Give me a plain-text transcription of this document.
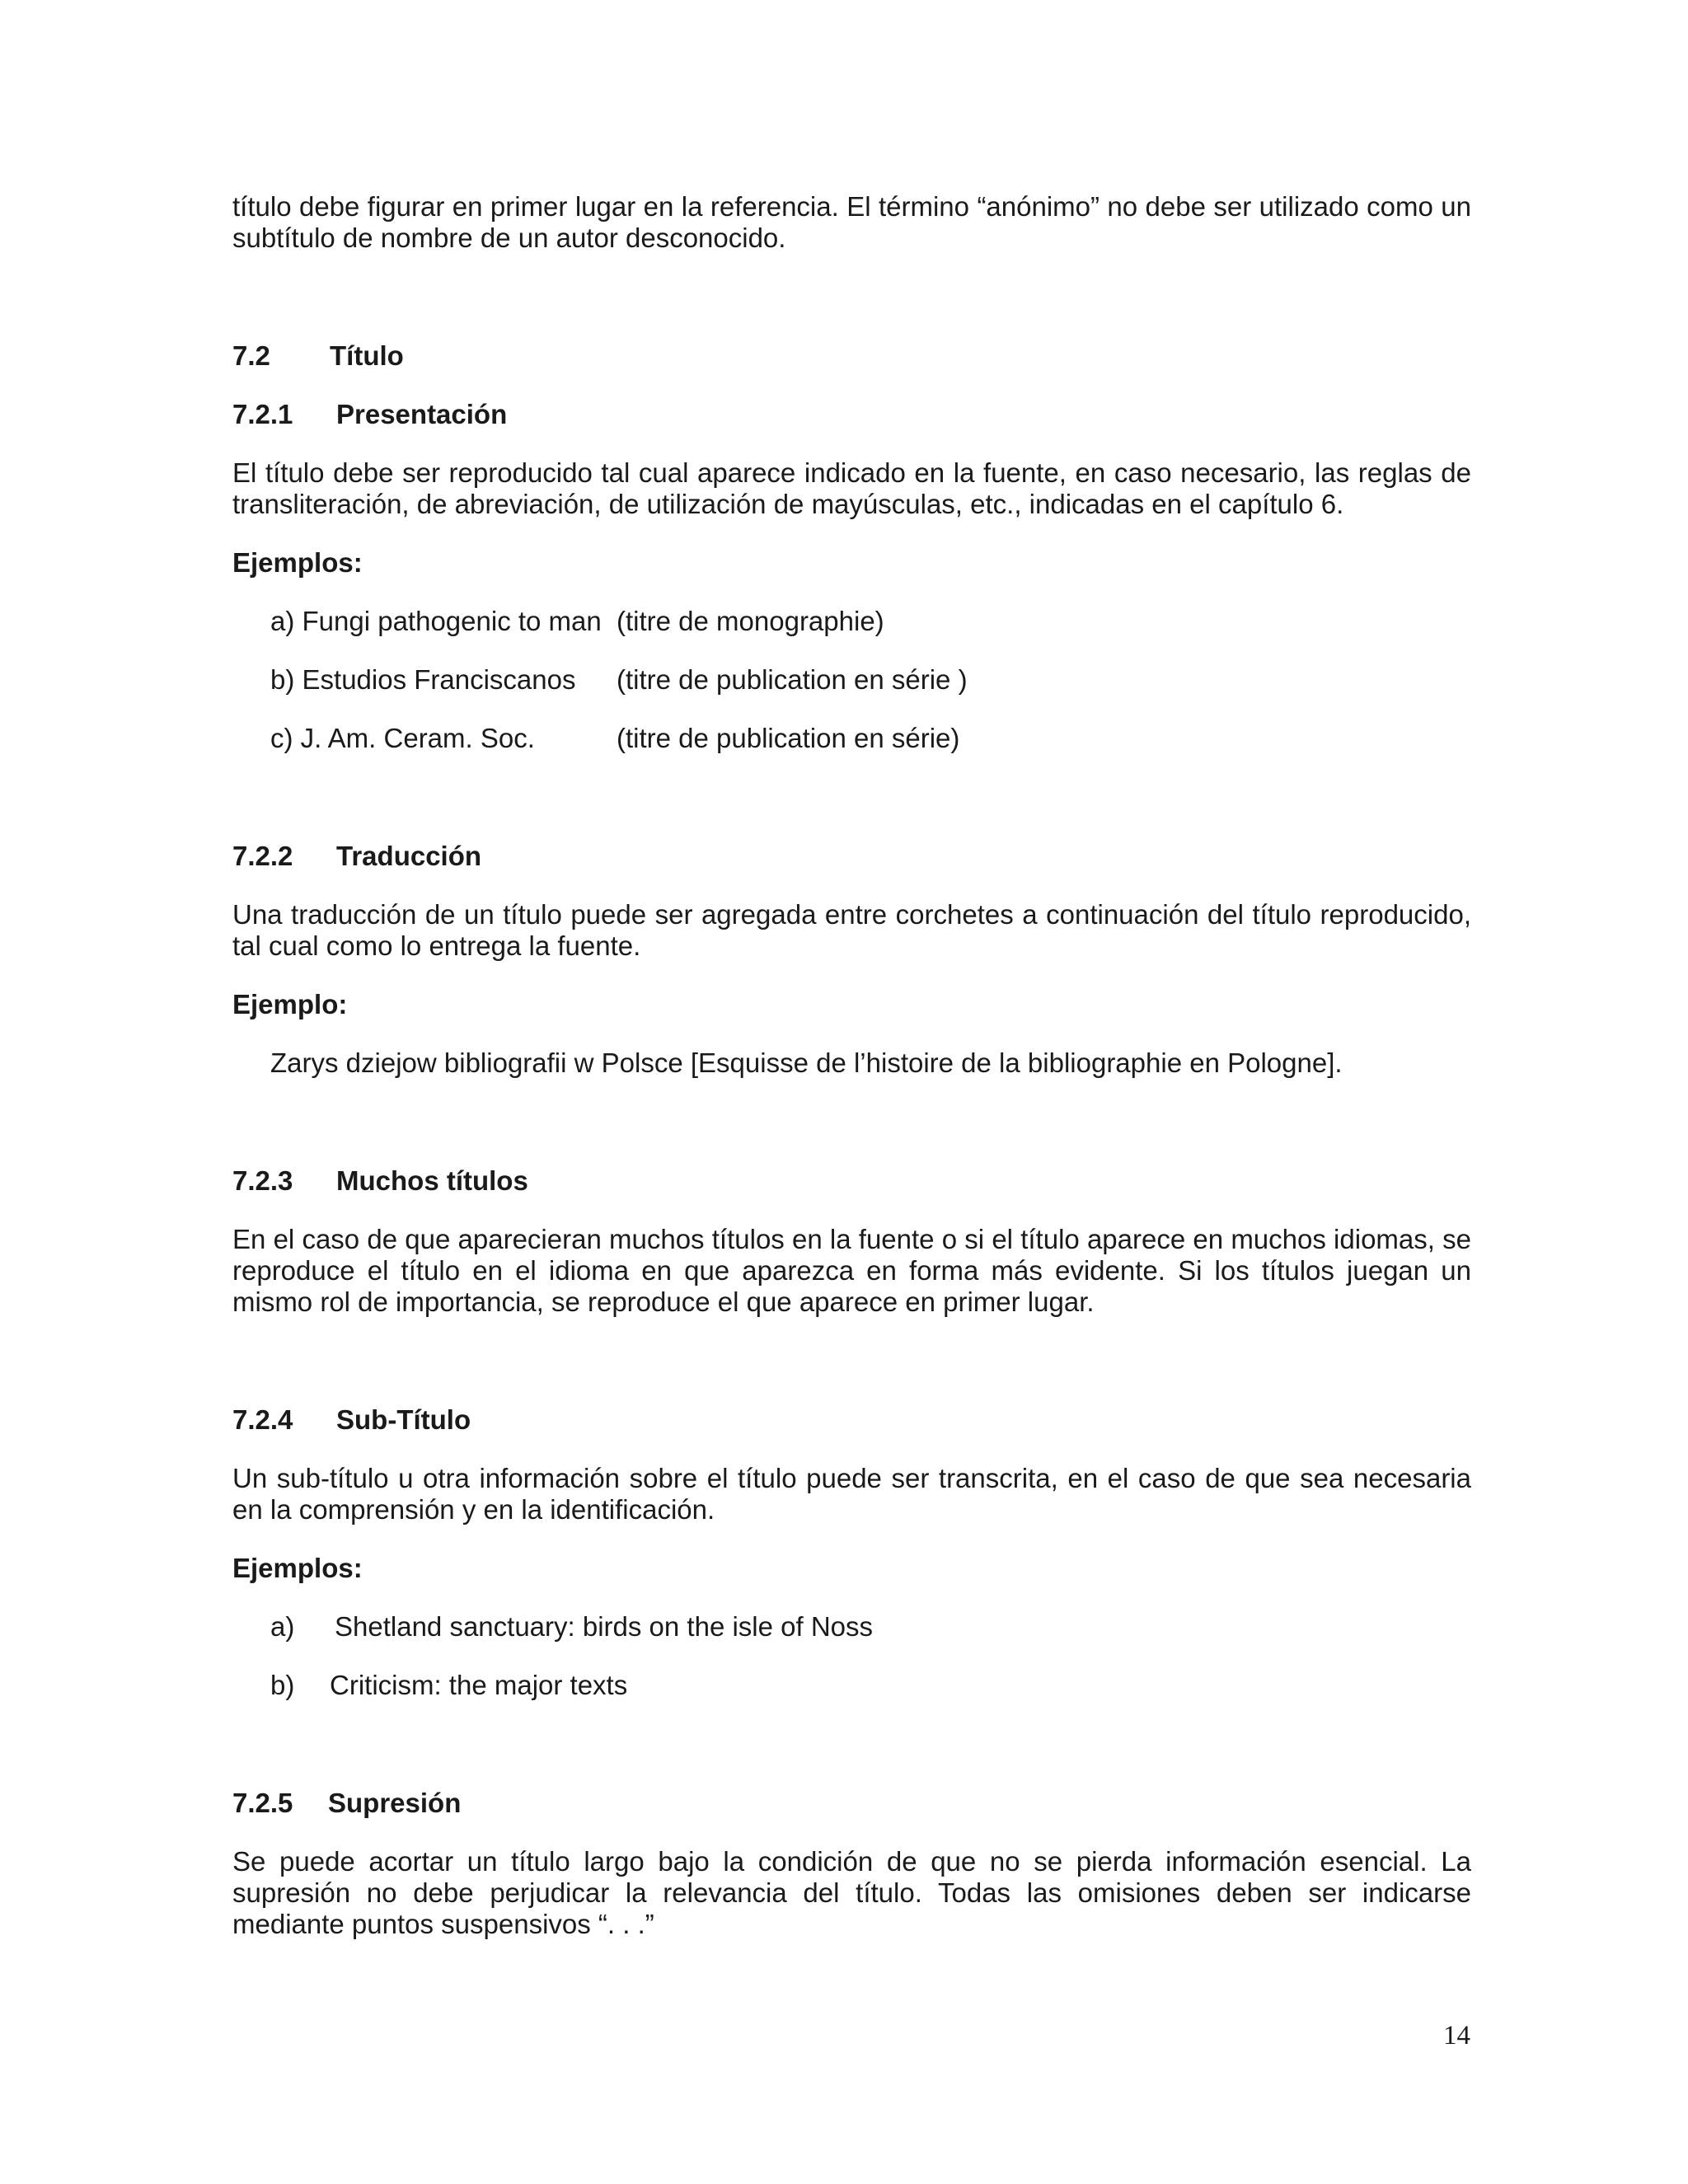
título debe figurar en primer lugar en la referencia. El término “anónimo” no debe ser utilizado como un subtítulo de nombre de un autor desconocido.

7.2	Título
7.2.1	Presentación

El título debe ser reproducido tal cual aparece indicado en la fuente, en caso necesario, las reglas de transliteración, de abreviación, de utilización de mayúsculas, etc., indicadas en el capítulo 6.

Ejemplos:

a) Fungi pathogenic to man (titre de monographie)
b) Estudios Franciscanos	(titre de publication en série )
c) J. Am. Ceram. Soc.	(titre de publication en série)
7.2.2	Traducción

Una traducción de un título puede ser agregada entre corchetes a continuación del título reproducido, tal cual como lo entrega la fuente.

Ejemplo:

Zarys dziejow bibliografii w Polsce [Esquisse de l’histoire de la bibliographie en Pologne].

7.2.3	Muchos títulos

En el caso de que aparecieran muchos títulos en la fuente o si el título aparece en muchos idiomas, se reproduce el título en el idioma en que aparezca en forma más evidente. Si los títulos juegan un mismo rol de importancia, se reproduce el que aparece en primer lugar.

7.2.4	Sub-Título

Un sub-título u otra información sobre el título puede ser transcrita, en el caso de que sea necesaria en la comprensión y en la identificación.

Ejemplos:

a)	Shetland sanctuary: birds on the isle of Noss
b)	Criticism: the major texts
7.2.5	Supresión

Se puede acortar un título largo bajo la condición de que no se pierda información esencial. La supresión no debe perjudicar la relevancia del título. Todas las omisiones deben ser indicarse mediante puntos suspensivos “. . .”

14
